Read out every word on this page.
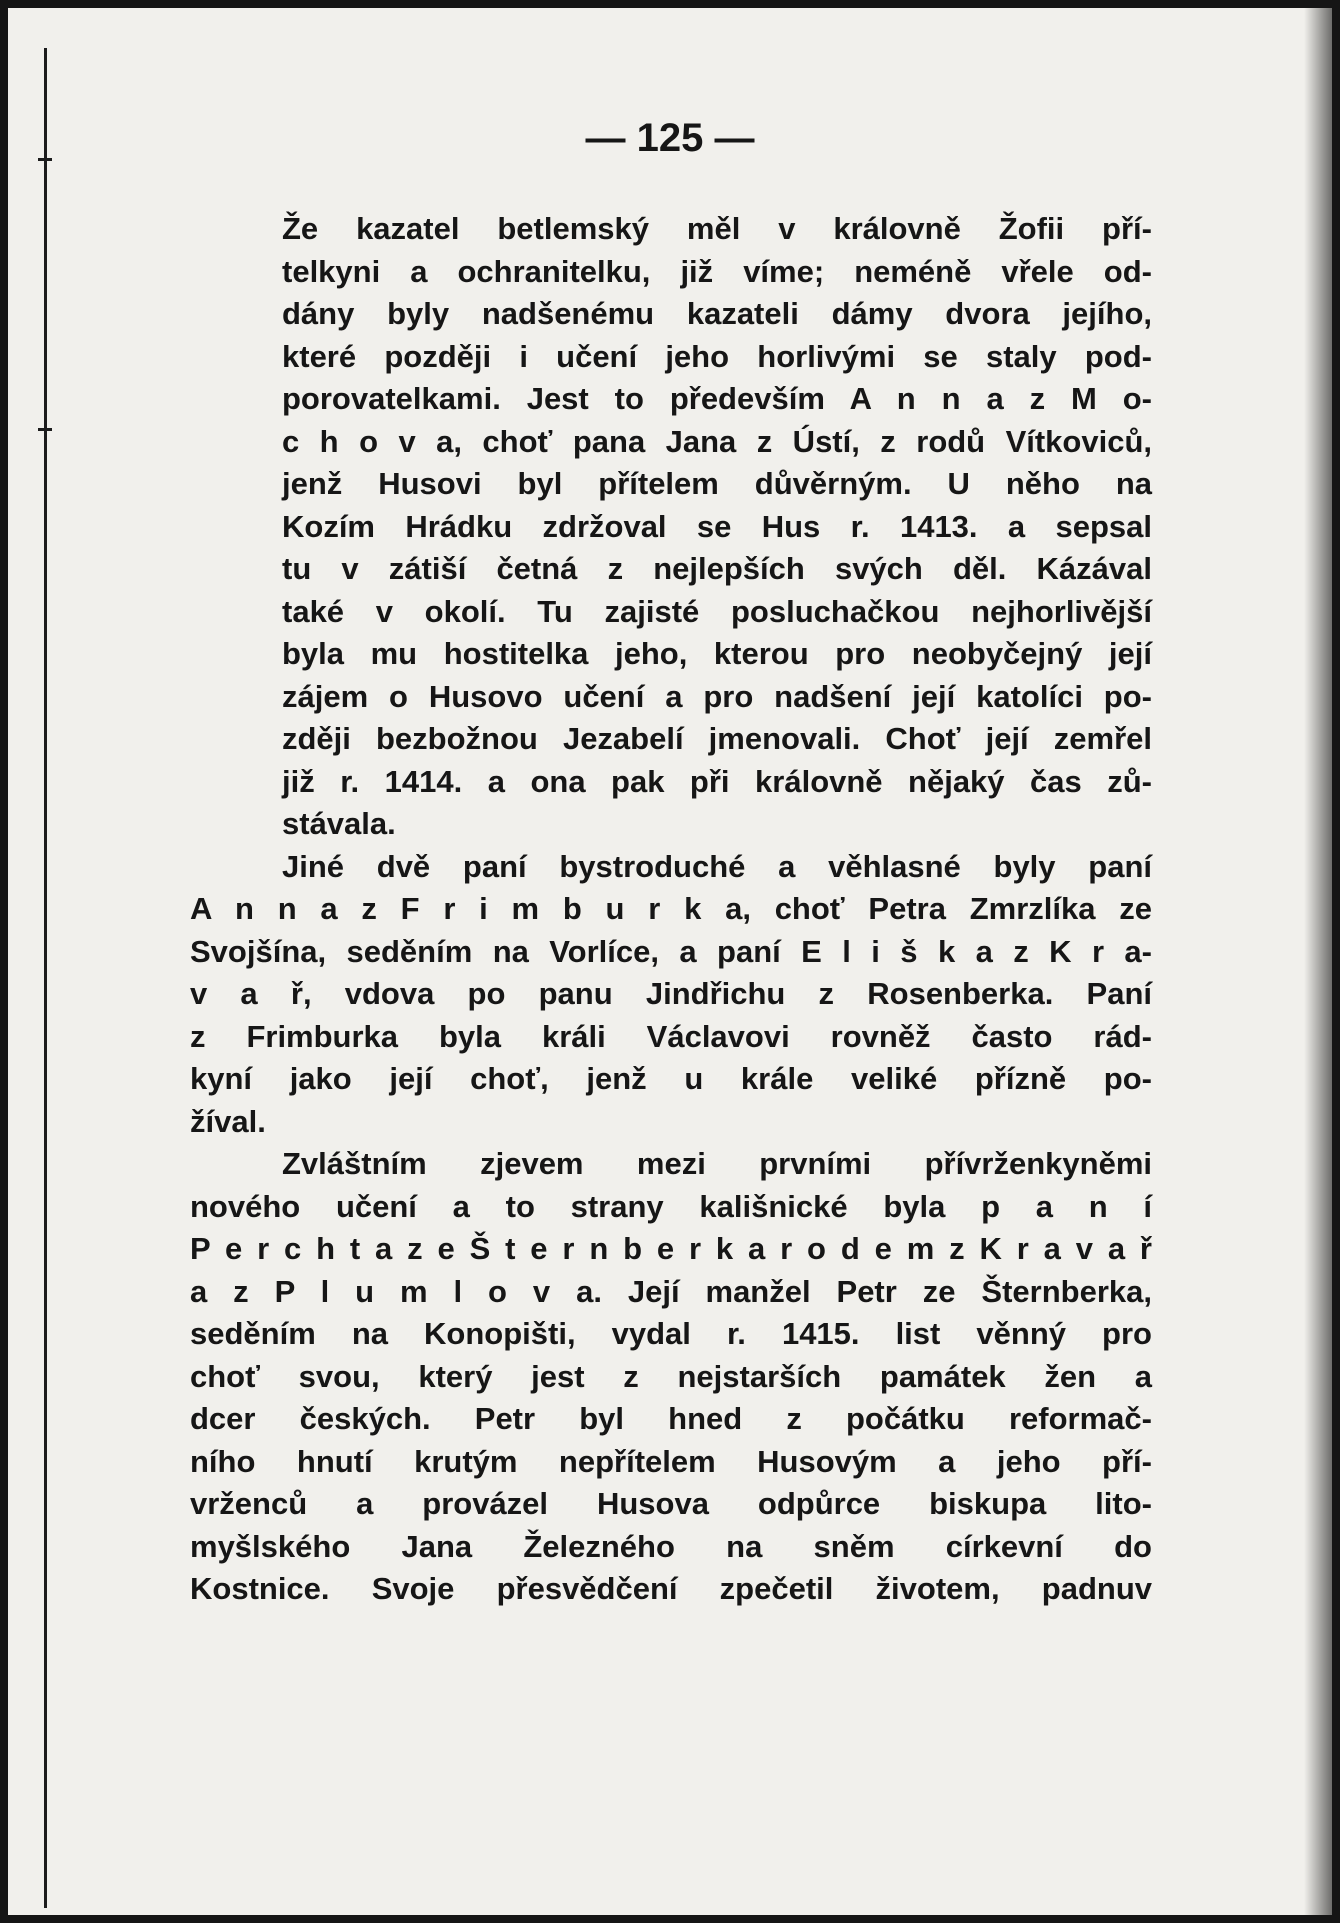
— 125 —
Že kazatel betlemský měl v královně Žofii pří-
telkyni a ochranitelku, již víme; neméně vřele od-
dány byly nadšenému kazateli dámy dvora jejího,
které později i učení jeho horlivými se staly pod-
porovatelkami. Jest to především A n n a z M o-
c h o v a, choť pana Jana z Ústí, z rodů Vítkoviců,
jenž Husovi byl přítelem důvěrným. U něho na
Kozím Hrádku zdržoval se Hus r. 1413. a sepsal
tu v zátiší četná z nejlepších svých děl. Kázával
také v okolí. Tu zajisté posluchačkou nejhorlivější
byla mu hostitelka jeho, kterou pro neobyčejný její
zájem o Husovo učení a pro nadšení její katolíci po-
zději bezbožnou Jezabelí jmenovali. Choť její zemřel
již r. 1414. a ona pak při královně nějaký čas zů-
stávala.
Jiné dvě paní bystroduché a věhlasné byly paní
A n n a z F r i m b u r k a, choť Petra Zmrzlíka ze
Svojšína, seděním na Vorlíce, a paní E l i š k a z K r a-
v a ř, vdova po panu Jindřichu z Rosenberka. Paní
z Frimburka byla králi Václavovi rovněž často rád-
kyní jako její choť, jenž u krále veliké přízně po-
žíval.
Zvláštním zjevem mezi prvními přívrženkyněmi
nového učení a to strany kališnické byla p a n í
P e r c h t a z e Š t e r n b e r k a r o d e m z K r a v a ř
a z P l u m l o v a. Její manžel Petr ze Šternberka,
seděním na Konopišti, vydal r. 1415. list věnný pro
choť svou, který jest z nejstarších památek žen a
dcer českých. Petr byl hned z počátku reformač-
ního hnutí krutým nepřítelem Husovým a jeho pří-
vrženců a provázel Husova odpůrce biskupa lito-
myšlského Jana Železného na sněm církevní do
Kostnice. Svoje přesvědčení zpečetil životem, padnuv
